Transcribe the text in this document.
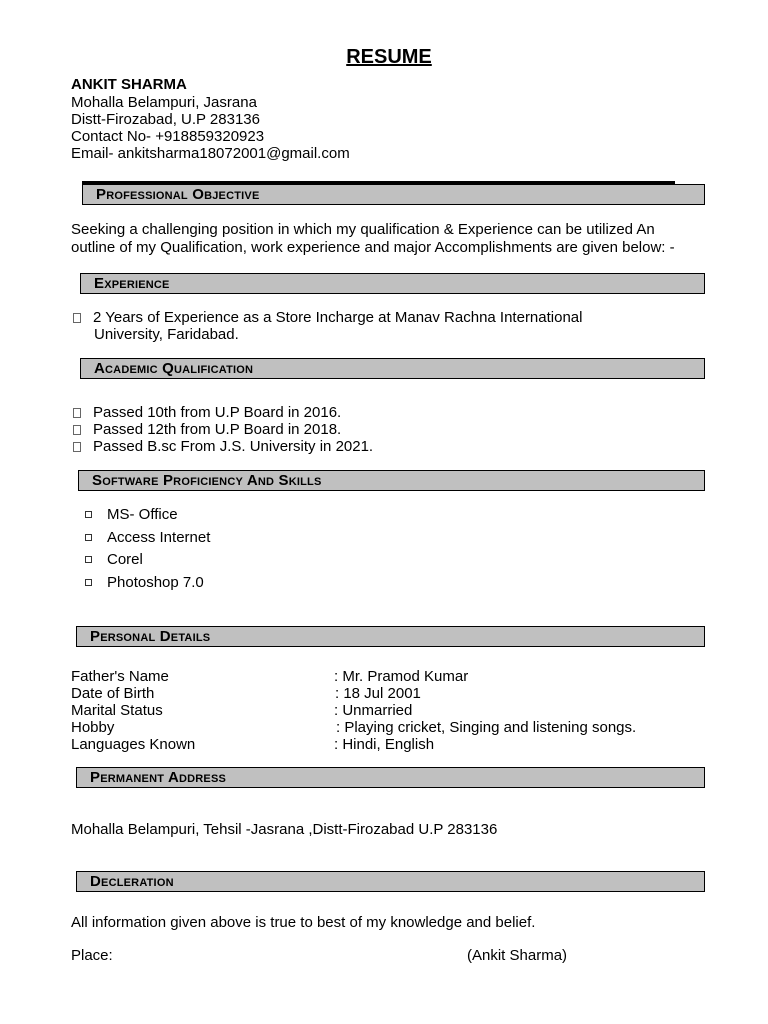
RESUME
ANKIT SHARMA
Mohalla Belampuri, Jasrana
Distt-Firozabad, U.P 283136
Contact No- +918859320923
Email- ankitsharma18072001@gmail.com
Professional Objective
Seeking a challenging position in which my qualification & Experience can be utilized An
outline of my Qualification, work experience and major Accomplishments are given below: -
Experience
2 Years of Experience as a Store Incharge at Manav Rachna International
University, Faridabad.
Academic Qualification
Passed 10th from U.P Board in 2016.
Passed 12th from U.P Board in 2018.
Passed B.sc From J.S. University in 2021.
Software Proficiency And Skills
MS- Office
Access Internet
Corel
Photoshop 7.0
Personal Details
Father's Name	: Mr. Pramod Kumar
Date of Birth	: 18 Jul 2001
Marital Status	: Unmarried
Hobby	: Playing cricket, Singing and listening songs.
Languages Known	: Hindi, English
Permanent Address
Mohalla Belampuri, Tehsil -Jasrana ,Distt-Firozabad U.P 283136
Decleration
All information given above is true to best of my knowledge and belief.
Place:	(Ankit Sharma)
